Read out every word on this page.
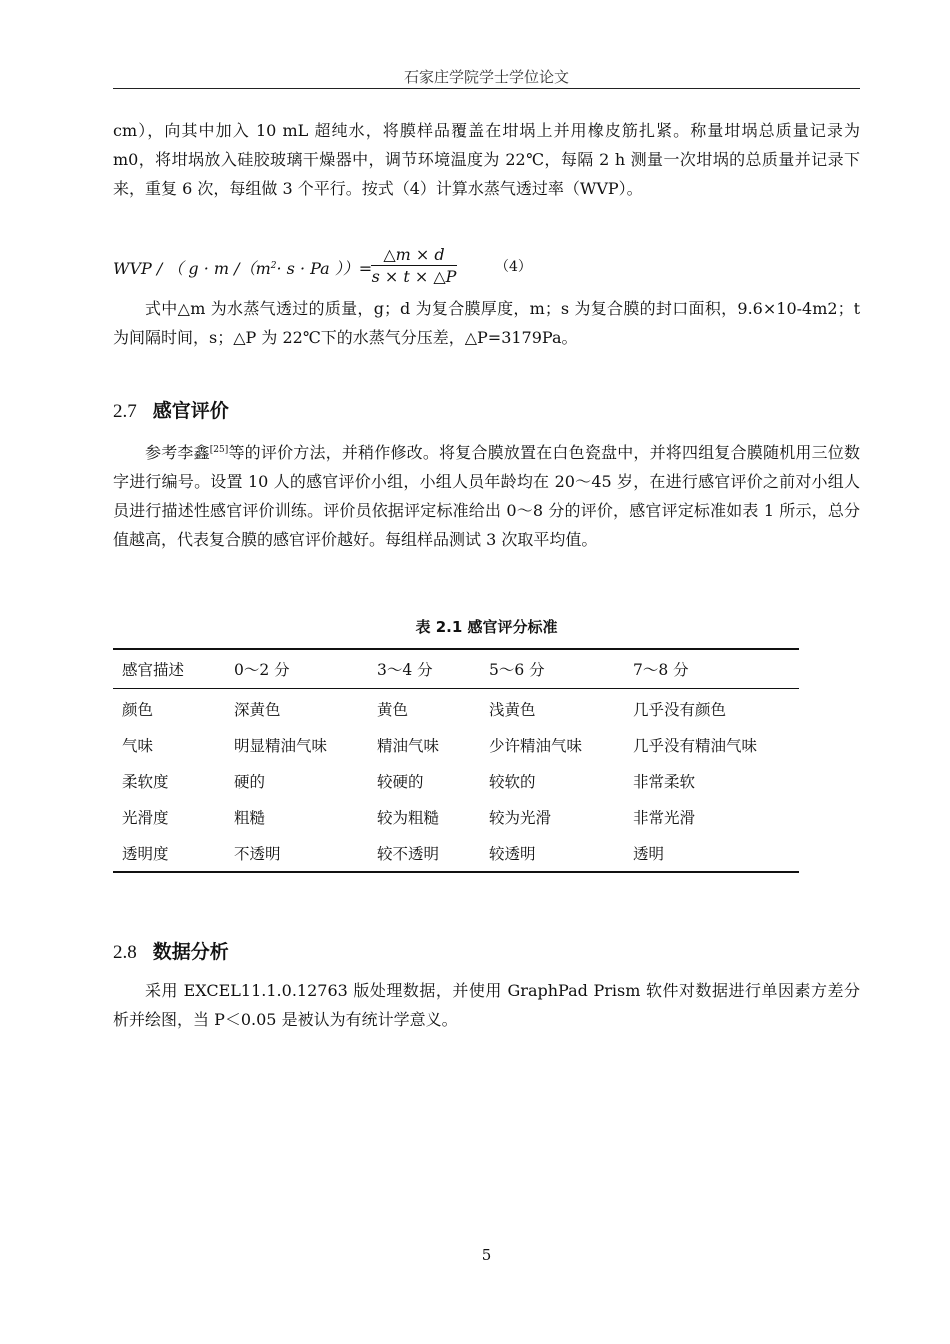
石家庄学院学士学位论文

cm），向其中加入 10 mL 超纯水，将膜样品覆盖在坩埚上并用橡皮筋扎紧。称量坩埚总质量记录为 m0，将坩埚放入硅胶玻璃干燥器中，调节环境温度为 22℃，每隔 2 h 测量一次坩埚的总质量并记录下来，重复 6 次，每组做 3 个平行。按式（4）计算水蒸气透过率（WVP）。

WVP / （ g · m $/(m^2\cdot s \cdot Pa$ ））=
$\frac{\triangle m \times d}{s \times t \times \triangle P}$	（4）

式中△m 为水蒸气透过的质量，g；d 为复合膜厚度，m；s 为复合膜的封口面积，9.6×10-4m2；t 为间隔时间，s；△P 为 22℃下的水蒸气分压差，△P=3179Pa。

2.7 感官评价

参考李鑫[25]等的评价方法，并稍作修改。将复合膜放置在白色瓷盘中，并将四组复合膜随机用三位数字进行编号。设置 10 人的感官评价小组，小组人员年龄均在 20～45 岁，在进行感官评价之前对小组人员进行描述性感官评价训练。评价员依据评定标准给出 0～8 分的评价，感官评定标准如表 1 所示，总分值越高，代表复合膜的感官评价越好。每组样品测试 3 次取平均值。

表 2.1 感官评分标准
感官描述	0～2 分	3～4 分	5～6 分	7～8 分
颜色	深黄色	黄色	浅黄色	几乎没有颜色
气味	明显精油气味	精油气味	少许精油气味	几乎没有精油气味
柔软度	硬的	较硬的	较软的	非常柔软
光滑度	粗糙	较为粗糙	较为光滑	非常光滑
透明度	不透明	较不透明	较透明	透明
2.8 数据分析

采用 EXCEL11.1.0.12763 版处理数据，并使用 GraphPad Prism 软件对数据进行单因素方差分析并绘图，当 P＜0.05 是被认为有统计学意义。

5
